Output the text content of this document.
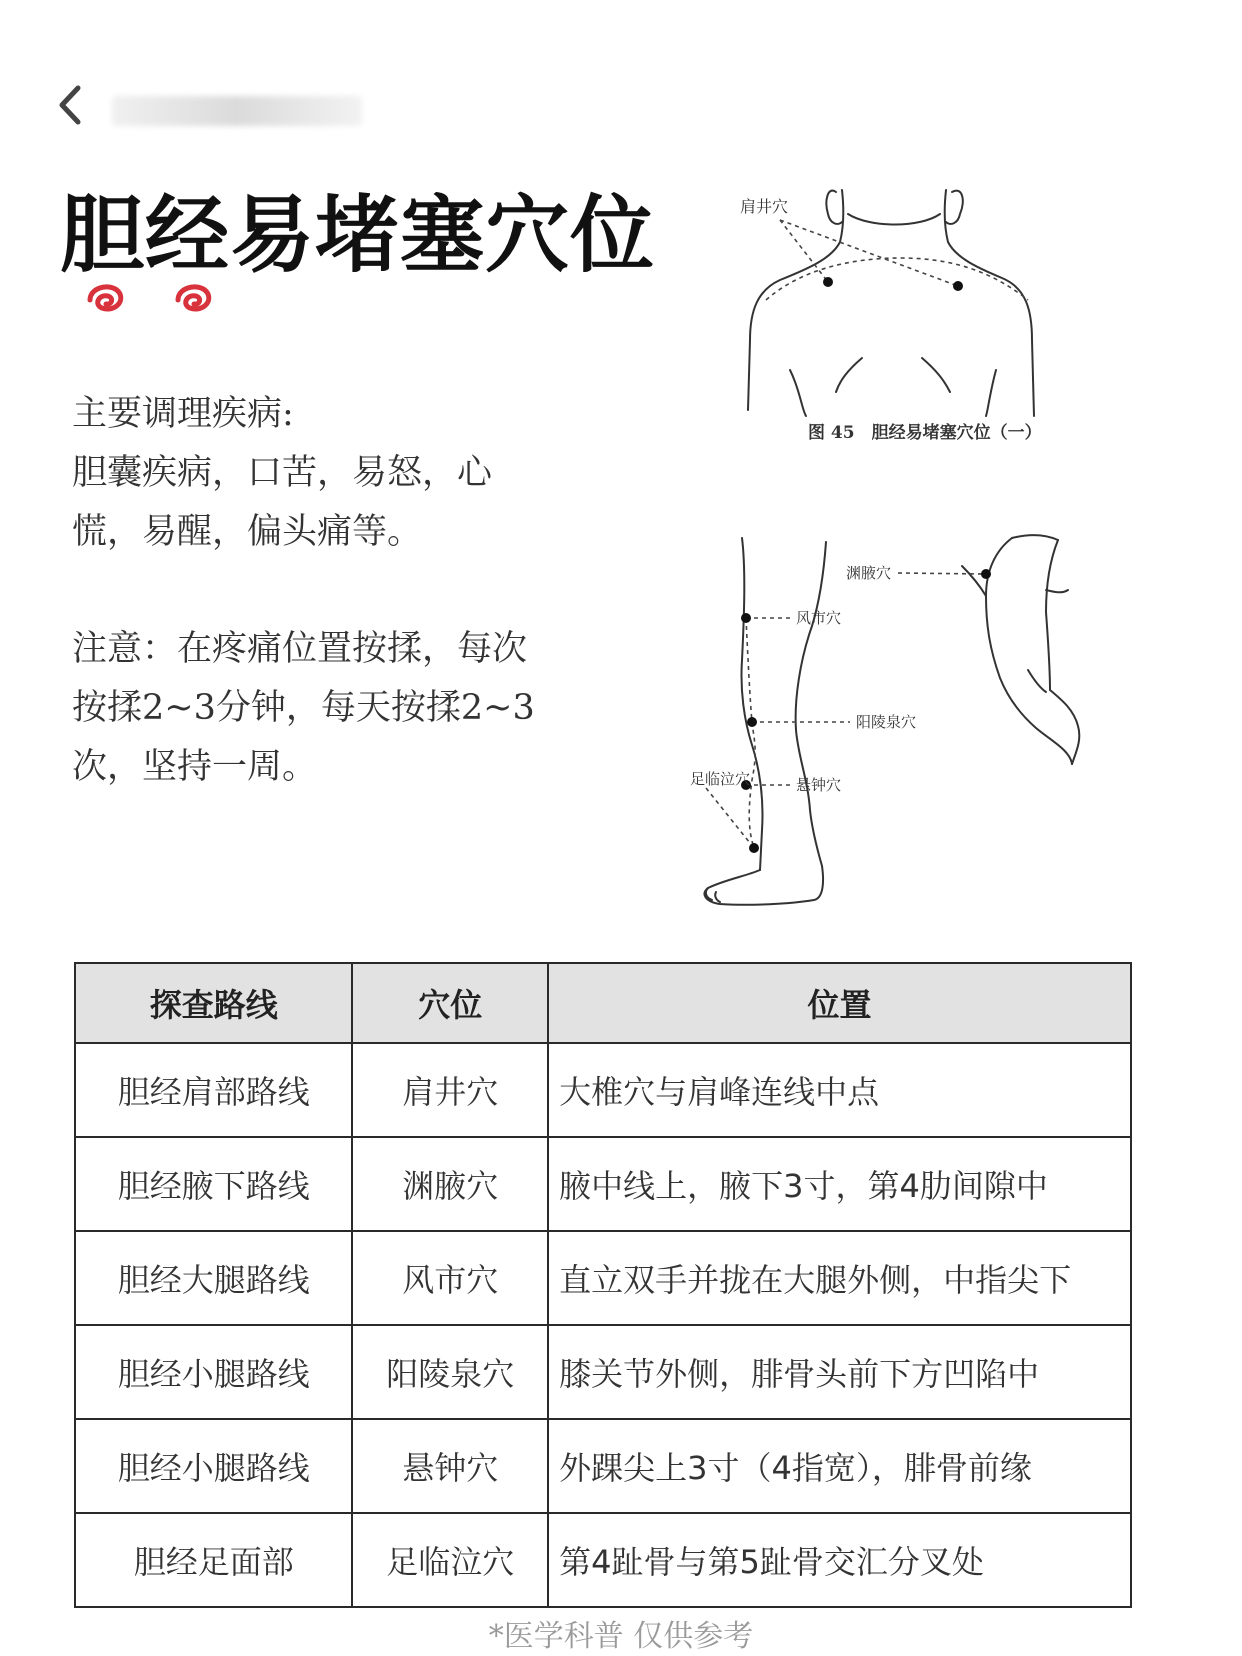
胆经易堵塞穴位
主要调理疾病:
胆囊疾病，口苦，易怒，心
慌，易醒，偏头痛等。
注意：在疼痛位置按揉，每次
按揉2~3分钟，每天按揉2~3
次，坚持一周。
肩井穴
图 45　胆经易堵塞穴位（一）
渊腋穴
风市穴
阳陵泉穴
悬钟穴
足临泣穴
探查路线	穴位	位置
胆经肩部路线	肩井穴	大椎穴与肩峰连线中点
胆经腋下路线	渊腋穴	腋中线上，腋下3寸，第4肋间隙中
胆经大腿路线	风市穴	直立双手并拢在大腿外侧，中指尖下
胆经小腿路线	阳陵泉穴	膝关节外侧，腓骨头前下方凹陷中
胆经小腿路线	悬钟穴	外踝尖上3寸（4指宽），腓骨前缘
胆经足面部	足临泣穴	第4趾骨与第5趾骨交汇分叉处
*医学科普 仅供参考
